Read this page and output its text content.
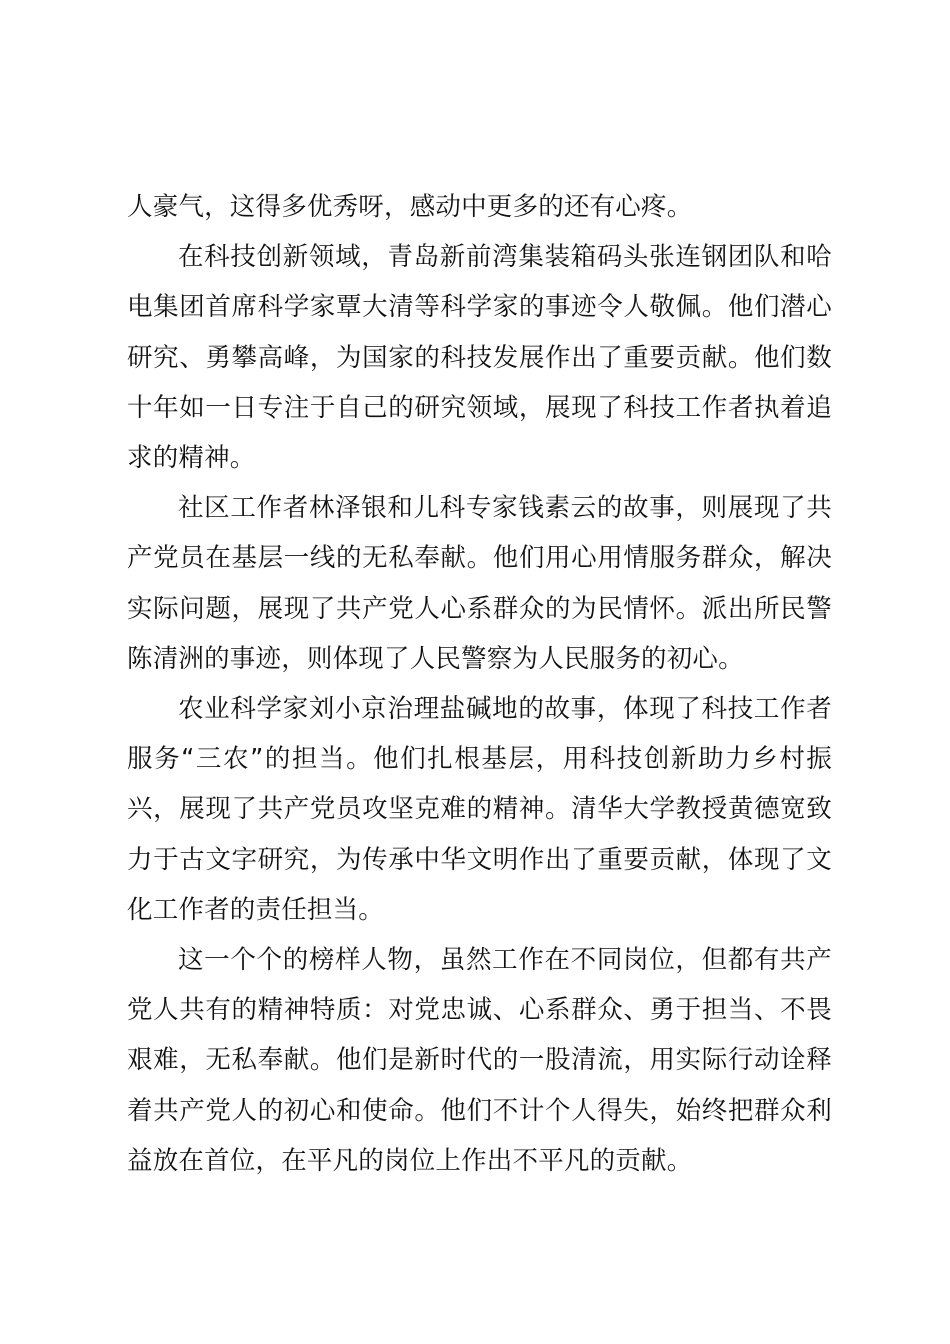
人豪气，这得多优秀呀，感动中更多的还有心疼。

在科技创新领域，青岛新前湾集装箱码头张连钢团队和哈电集团首席科学家覃大清等科学家的事迹令人敬佩。他们潜心研究、勇攀高峰，为国家的科技发展作出了重要贡献。他们数十年如一日专注于自己的研究领域，展现了科技工作者执着追求的精神。

社区工作者林泽银和儿科专家钱素云的故事，则展现了共产党员在基层一线的无私奉献。他们用心用情服务群众，解决实际问题，展现了共产党人心系群众的为民情怀。派出所民警陈清洲的事迹，则体现了人民警察为人民服务的初心。

农业科学家刘小京治理盐碱地的故事，体现了科技工作者服务“三农”的担当。他们扎根基层，用科技创新助力乡村振兴，展现了共产党员攻坚克难的精神。清华大学教授黄德宽致力于古文字研究，为传承中华文明作出了重要贡献，体现了文化工作者的责任担当。

这一个个的榜样人物，虽然工作在不同岗位，但都有共产党人共有的精神特质：对党忠诚、心系群众、勇于担当、不畏艰难，无私奉献。他们是新时代的一股清流，用实际行动诠释着共产党人的初心和使命。他们不计个人得失，始终把群众利益放在首位，在平凡的岗位上作出不平凡的贡献。
